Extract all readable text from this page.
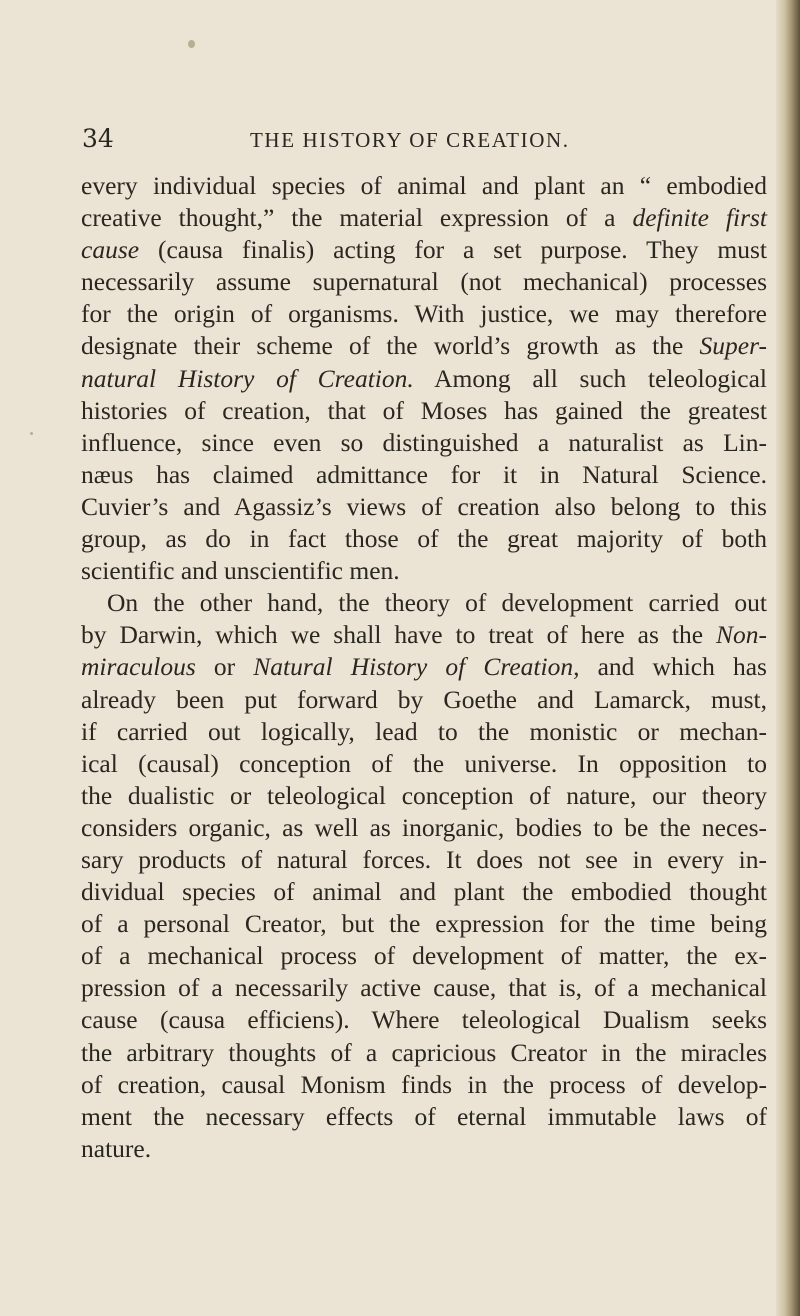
34	THE HISTORY OF CREATION.
every individual species of animal and plant an “ embodied
creative thought,” the material expression of a definite first
cause (causa finalis) acting for a set purpose. They must
necessarily assume supernatural (not mechanical) processes
for the origin of organisms. With justice, we may therefore
designate their scheme of the world’s growth as the Super-
natural History of Creation. Among all such teleological
histories of creation, that of Moses has gained the greatest
influence, since even so distinguished a naturalist as Lin-
næus has claimed admittance for it in Natural Science.
Cuvier’s and Agassiz’s views of creation also belong to this
group, as do in fact those of the great majority of both
scientific and unscientific men.
On the other hand, the theory of development carried out
by Darwin, which we shall have to treat of here as the Non-
miraculous or Natural History of Creation, and which has
already been put forward by Goethe and Lamarck, must,
if carried out logically, lead to the monistic or mechan-
ical (causal) conception of the universe. In opposition to
the dualistic or teleological conception of nature, our theory
considers organic, as well as inorganic, bodies to be the neces-
sary products of natural forces. It does not see in every in-
dividual species of animal and plant the embodied thought
of a personal Creator, but the expression for the time being
of a mechanical process of development of matter, the ex-
pression of a necessarily active cause, that is, of a mechanical
cause (causa efficiens). Where teleological Dualism seeks
the arbitrary thoughts of a capricious Creator in the miracles
of creation, causal Monism finds in the process of develop-
ment the necessary effects of eternal immutable laws of
nature.
